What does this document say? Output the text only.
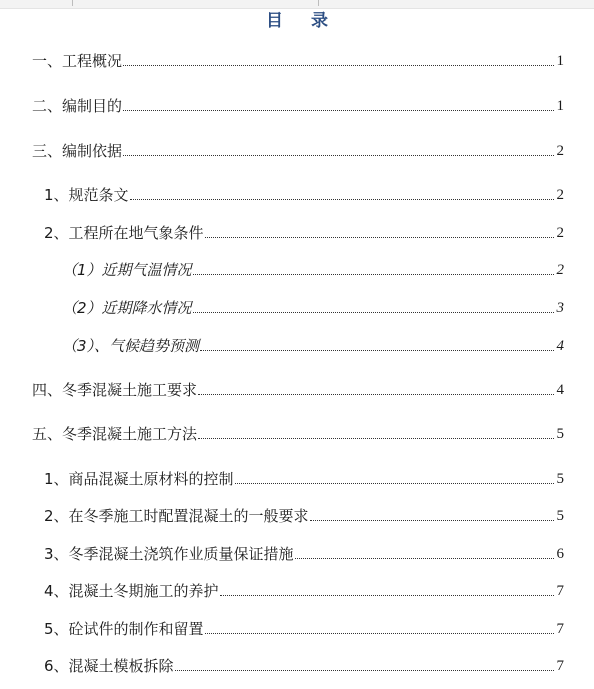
目录
一、工程概况	1
二、编制目的	1
三、编制依据	2
1、规范条文	2
2、工程所在地气象条件	2
（1）近期气温情况	2
（2）近期降水情况	3
（3）、气候趋势预测	4
四、冬季混凝土施工要求	4
五、冬季混凝土施工方法	5
1、商品混凝土原材料的控制	5
2、在冬季施工时配置混凝土的一般要求	5
3、冬季混凝土浇筑作业质量保证措施	6
4、混凝土冬期施工的养护	7
5、砼试件的制作和留置	7
6、混凝土模板拆除	7
